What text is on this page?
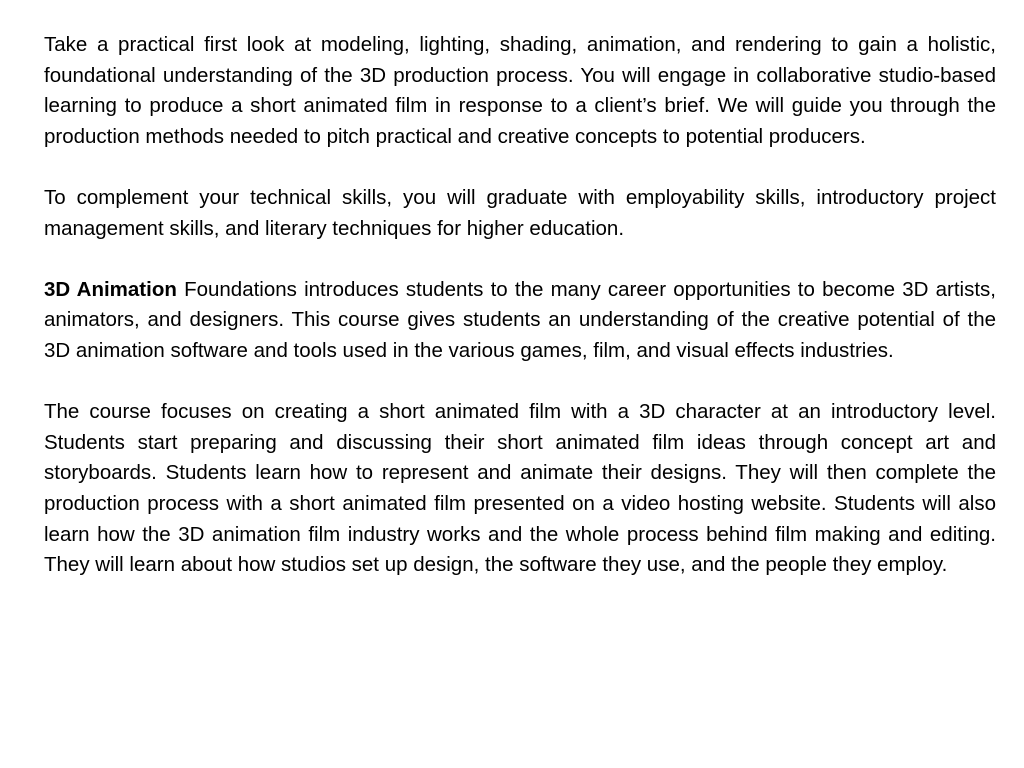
Take a practical first look at modeling, lighting, shading, animation, and rendering to gain a holistic, foundational understanding of the 3D production process. You will engage in collaborative studio-based learning to produce a short animated film in response to a client’s brief. We will guide you through the production methods needed to pitch practical and creative concepts to potential producers.

To complement your technical skills, you will graduate with employability skills, introductory project management skills, and literary techniques for higher education.

3D Animation Foundations introduces students to the many career opportunities to become 3D artists, animators, and designers. This course gives students an understanding of the creative potential of the 3D animation software and tools used in the various games, film, and visual effects industries.

The course focuses on creating a short animated film with a 3D character at an introductory level. Students start preparing and discussing their short animated film ideas through concept art and storyboards. Students learn how to represent and animate their designs. They will then complete the production process with a short animated film presented on a video hosting website. Students will also learn how the 3D animation film industry works and the whole process behind film making and editing. They will learn about how studios set up design, the software they use, and the people they employ.
